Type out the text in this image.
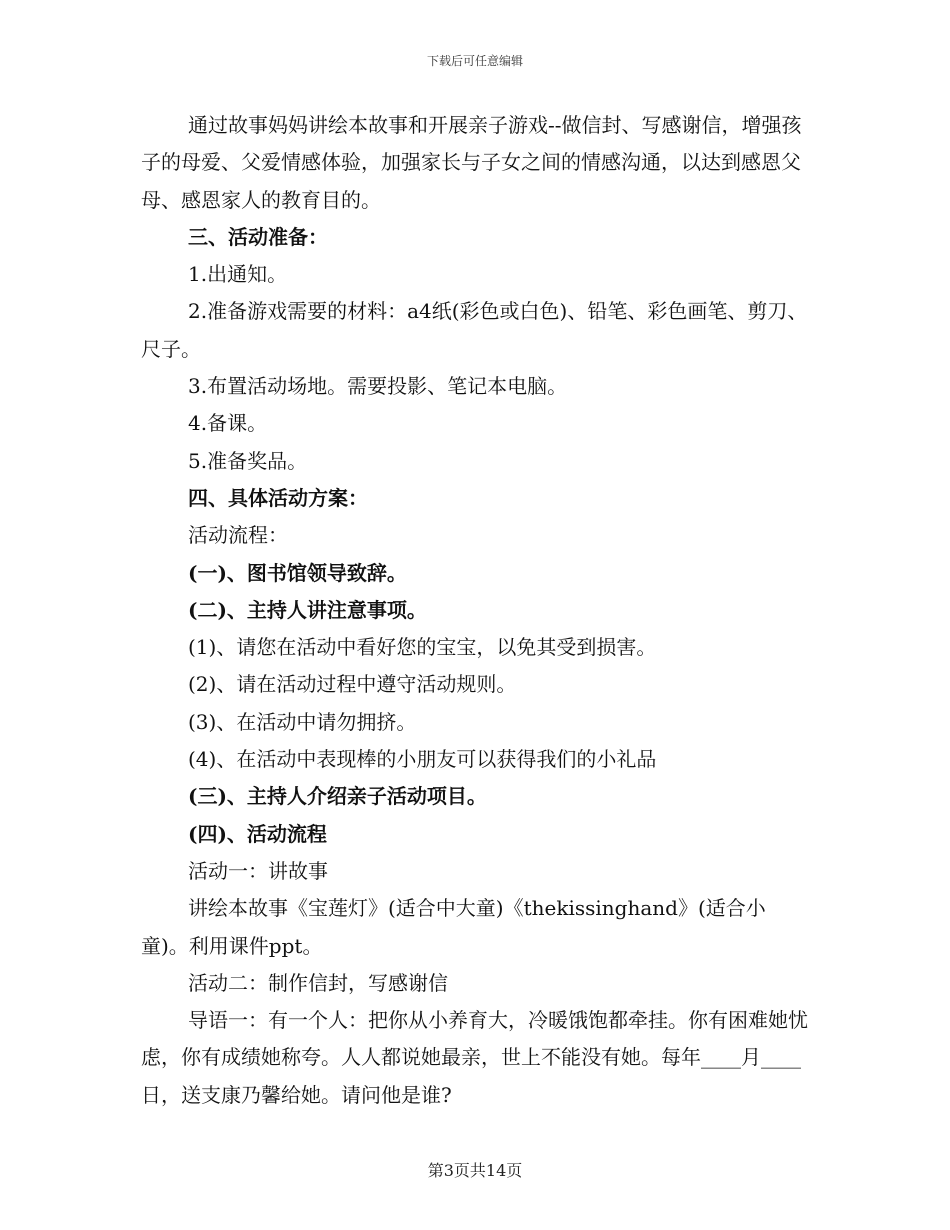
下载后可任意编辑

通过故事妈妈讲绘本故事和开展亲子游戏--做信封、写感谢信，增强孩子的母爱、父爱情感体验，加强家长与子女之间的情感沟通，以达到感恩父母、感恩家人的教育目的。

三、活动准备：

1.出通知。

2.准备游戏需要的材料：a4纸(彩色或白色)、铅笔、彩色画笔、剪刀、尺子。

3.布置活动场地。需要投影、笔记本电脑。

4.备课。

5.准备奖品。

四、具体活动方案：

活动流程：

(一)、图书馆领导致辞。

(二)、主持人讲注意事项。

(1)、请您在活动中看好您的宝宝，以免其受到损害。

(2)、请在活动过程中遵守活动规则。

(3)、在活动中请勿拥挤。

(4)、在活动中表现棒的小朋友可以获得我们的小礼品

(三)、主持人介绍亲子活动项目。

(四)、活动流程

活动一：讲故事

讲绘本故事《宝莲灯》(适合中大童)《thekissinghand》(适合小童)。利用课件ppt。

活动二：制作信封，写感谢信

导语一：有一个人：把你从小养育大，冷暖饿饱都牵挂。你有困难她忧虑，你有成绩她称夸。人人都说她最亲，世上不能没有她。每年____月____日，送支康乃馨给她。请问他是谁?

第3页共14页
